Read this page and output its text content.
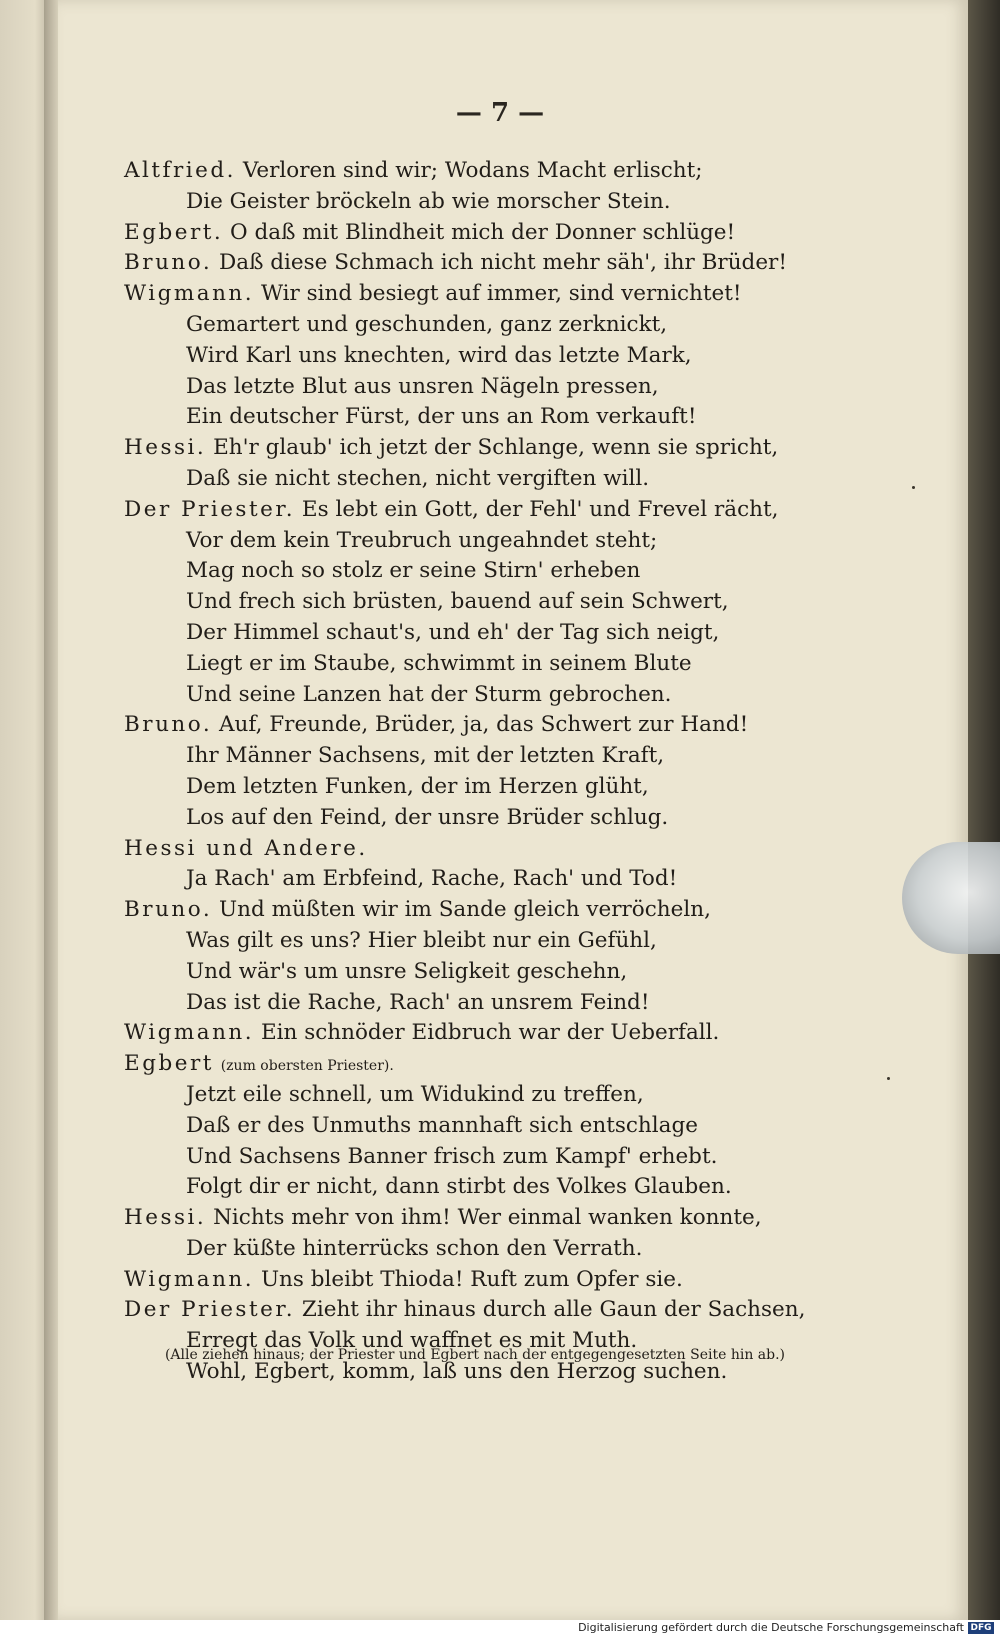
— 7 —
Altfried. Verloren sind wir; Wodans Macht erlischt;
Die Geister bröckeln ab wie morscher Stein.
Egbert. O daß mit Blindheit mich der Donner schlüge!
Bruno. Daß diese Schmach ich nicht mehr säh', ihr Brüder!
Wigmann. Wir sind besiegt auf immer, sind vernichtet!
Gemartert und geschunden, ganz zerknickt,
Wird Karl uns knechten, wird das letzte Mark,
Das letzte Blut aus unsren Nägeln pressen,
Ein deutscher Fürst, der uns an Rom verkauft!
Hessi. Eh'r glaub' ich jetzt der Schlange, wenn sie spricht,
Daß sie nicht stechen, nicht vergiften will.
Der Priester. Es lebt ein Gott, der Fehl' und Frevel rächt,
Vor dem kein Treubruch ungeahndet steht;
Mag noch so stolz er seine Stirn' erheben
Und frech sich brüsten, bauend auf sein Schwert,
Der Himmel schaut's, und eh' der Tag sich neigt,
Liegt er im Staube, schwimmt in seinem Blute
Und seine Lanzen hat der Sturm gebrochen.
Bruno. Auf, Freunde, Brüder, ja, das Schwert zur Hand!
Ihr Männer Sachsens, mit der letzten Kraft,
Dem letzten Funken, der im Herzen glüht,
Los auf den Feind, der unsre Brüder schlug.
Hessi und Andere.
Ja Rach' am Erbfeind, Rache, Rach' und Tod!
Bruno. Und müßten wir im Sande gleich verröcheln,
Was gilt es uns? Hier bleibt nur ein Gefühl,
Und wär's um unsre Seligkeit geschehn,
Das ist die Rache, Rach' an unsrem Feind!
Wigmann. Ein schnöder Eidbruch war der Ueberfall.
Egbert (zum obersten Priester).
Jetzt eile schnell, um Widukind zu treffen,
Daß er des Unmuths mannhaft sich entschlage
Und Sachsens Banner frisch zum Kampf' erhebt.
Folgt dir er nicht, dann stirbt des Volkes Glauben.
Hessi. Nichts mehr von ihm! Wer einmal wanken konnte,
Der küßte hinterrücks schon den Verrath.
Wigmann. Uns bleibt Thioda! Ruft zum Opfer sie.
Der Priester. Zieht ihr hinaus durch alle Gaun der Sachsen,
Erregt das Volk und waffnet es mit Muth.
Wohl, Egbert, komm, laß uns den Herzog suchen.
(Alle ziehen hinaus; der Priester und Egbert nach der entgegengesetzten Seite hin ab.)
Digitalisierung gefördert durch die Deutsche Forschungsgemeinschaft DFG
